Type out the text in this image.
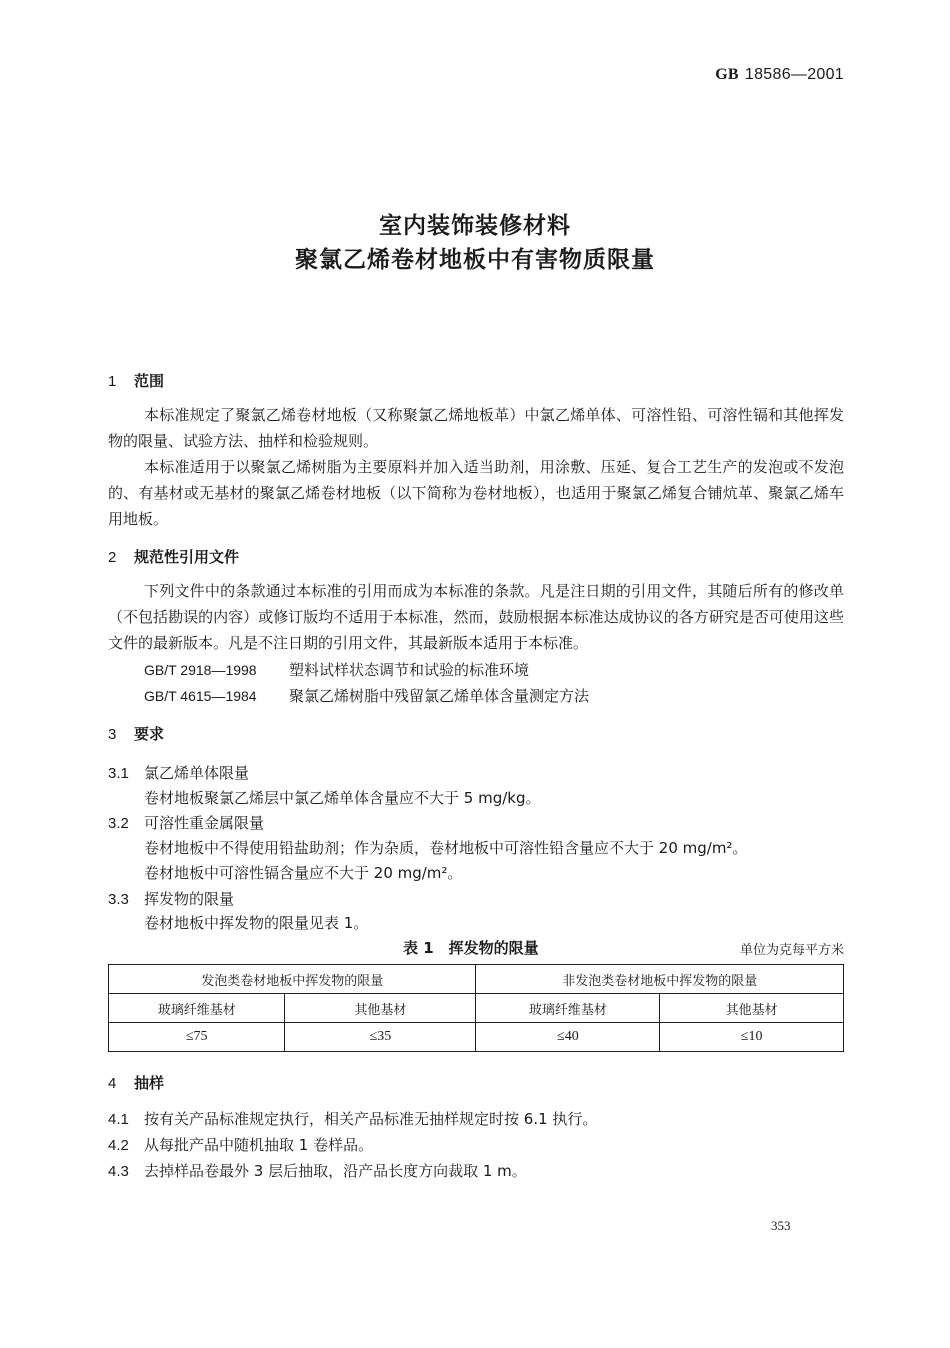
GB 18586—2001
室内装饰装修材料
聚氯乙烯卷材地板中有害物质限量
1 范围
本标准规定了聚氯乙烯卷材地板（又称聚氯乙烯地板革）中氯乙烯单体、可溶性铅、可溶性镉和其他挥发物的限量、试验方法、抽样和检验规则。
本标准适用于以聚氯乙烯树脂为主要原料并加入适当助剂，用涂敷、压延、复合工艺生产的发泡或不发泡的、有基材或无基材的聚氯乙烯卷材地板（以下简称为卷材地板），也适用于聚氯乙烯复合铺炕革、聚氯乙烯车用地板。
2 规范性引用文件
下列文件中的条款通过本标准的引用而成为本标准的条款。凡是注日期的引用文件，其随后所有的修改单（不包括勘误的内容）或修订版均不适用于本标准，然而，鼓励根据本标准达成协议的各方研究是否可使用这些文件的最新版本。凡是不注日期的引用文件，其最新版本适用于本标准。
GB/T 2918—1998 塑料试样状态调节和试验的标准环境
GB/T 4615—1984 聚氯乙烯树脂中残留氯乙烯单体含量测定方法
3 要求
3.1 氯乙烯单体限量
卷材地板聚氯乙烯层中氯乙烯单体含量应不大于 5 mg/kg。
3.2 可溶性重金属限量
卷材地板中不得使用铅盐助剂；作为杂质，卷材地板中可溶性铅含量应不大于 20 mg/m²。
卷材地板中可溶性镉含量应不大于 20 mg/m²。
3.3 挥发物的限量
卷材地板中挥发物的限量见表 1。
表 1　挥发物的限量	单位为克每平方米
发泡类卷材地板中挥发物的限量		非发泡类卷材地板中挥发物的限量	
玻璃纤维基材	其他基材	玻璃纤维基材	其他基材
≤75	≤35	≤40	≤10
4 抽样
4.1 按有关产品标准规定执行，相关产品标准无抽样规定时按 6.1 执行。
4.2 从每批产品中随机抽取 1 卷样品。
4.3 去掉样品卷最外 3 层后抽取，沿产品长度方向裁取 1 m。
353
